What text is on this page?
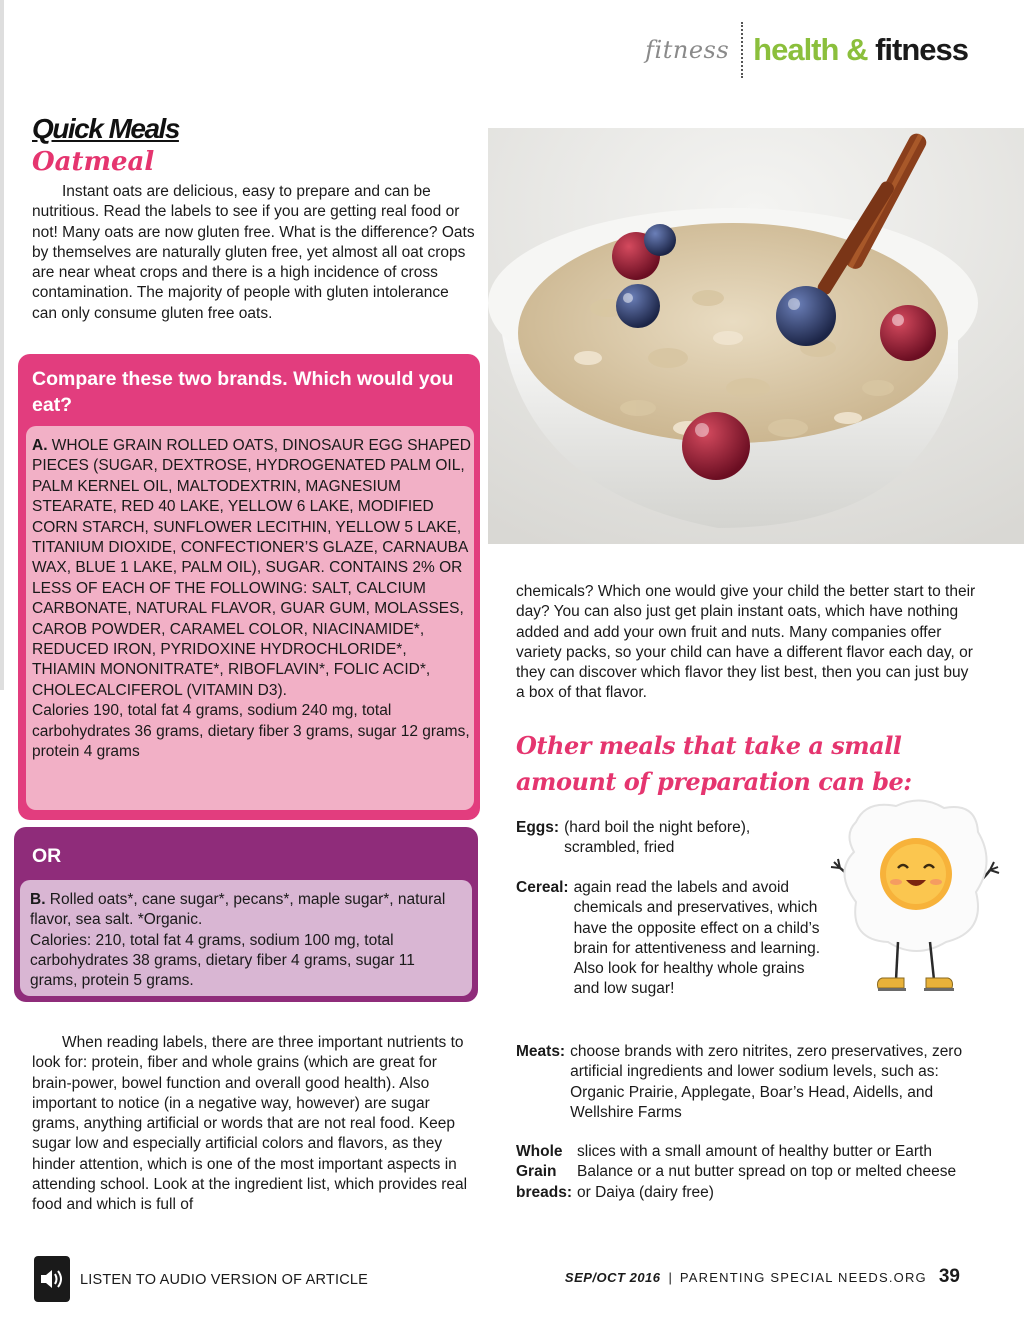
fitness health & fitness
Quick Meals
Oatmeal

Instant oats are delicious, easy to prepare and can be nutritious. Read the labels to see if you are getting real food or not! Many oats are now gluten free. What is the difference? Oats by themselves are naturally gluten free, yet almost all oat crops are near wheat crops and there is a high incidence of cross contamination. The majority of people with gluten intolerance can only consume gluten free oats.

Compare these two brands. Which would you eat?
A. WHOLE GRAIN ROLLED OATS, DINOSAUR EGG SHAPED PIECES (SUGAR, DEXTROSE, HYDROGENATED PALM OIL, PALM KERNEL OIL, MALTODEXTRIN, MAGNESIUM STEARATE, RED 40 LAKE, YELLOW 6 LAKE, MODIFIED CORN STARCH, SUNFLOWER LECITHIN, YELLOW 5 LAKE, TITANIUM DIOXIDE, CONFECTIONER’S GLAZE, CARNAUBA WAX, BLUE 1 LAKE, PALM OIL), SUGAR. CONTAINS 2% OR LESS OF EACH OF THE FOLLOWING: SALT, CALCIUM CARBONATE, NATURAL FLAVOR, GUAR GUM, MOLASSES, CAROB POWDER, CARAMEL COLOR, NIACINAMIDE*, REDUCED IRON, PYRIDOXINE HYDROCHLORIDE*, THIAMIN MONONITRATE*, RIBOFLAVIN*, FOLIC ACID*, CHOLECALCIFEROL (VITAMIN D3).
Calories 190, total fat 4 grams, sodium 240 mg, total carbohydrates 36 grams, dietary fiber 3 grams, sugar 12 grams, protein 4 grams
OR
B. Rolled oats*, cane sugar*, pecans*, maple sugar*, natural flavor, sea salt. *Organic.
Calories: 210, total fat 4 grams, sodium 100 mg, total carbohydrates 38 grams, dietary fiber 4 grams, sugar 11 grams, protein 5 grams.

When reading labels, there are three important nutrients to look for: protein, fiber and whole grains (which are great for brain-power, bowel function and overall good health). Also important to notice (in a negative way, however) are sugar grams, anything artificial or words that are not real food. Keep sugar low and especially artificial colors and flavors, as they hinder attention, which is one of the most important aspects in attending school. Look at the ingredient list, which provides real food and which is full of

chemicals? Which one would give your child the better start to their day? You can also just get plain instant oats, which have nothing added and add your own fruit and nuts. Many companies offer variety packs, so your child can have a different flavor each day, or they can discover which flavor they list best, then you can just buy a box of that flavor.

Other meals that take a small amount of preparation can be:
Eggs: (hard boil the night before), scrambled, fried
Cereal: again read the labels and avoid chemicals and preservatives, which have the opposite effect on a child’s brain for attentiveness and learning. Also look for healthy whole grains and low sugar!
Meats: choose brands with zero nitrites, zero preservatives, zero artificial ingredients and lower sodium levels, such as: Organic Prairie, Applegate, Boar’s Head, Aidells, and Wellshire Farms
Whole Grain breads:
slices with a small amount of healthy butter or Earth Balance or a nut butter spread on top or melted cheese or Daiya (dairy free)
LISTEN TO AUDIO VERSION OF ARTICLE	SEP/OCT 2016 | PARENTING SPECIAL NEEDS.ORG 39
